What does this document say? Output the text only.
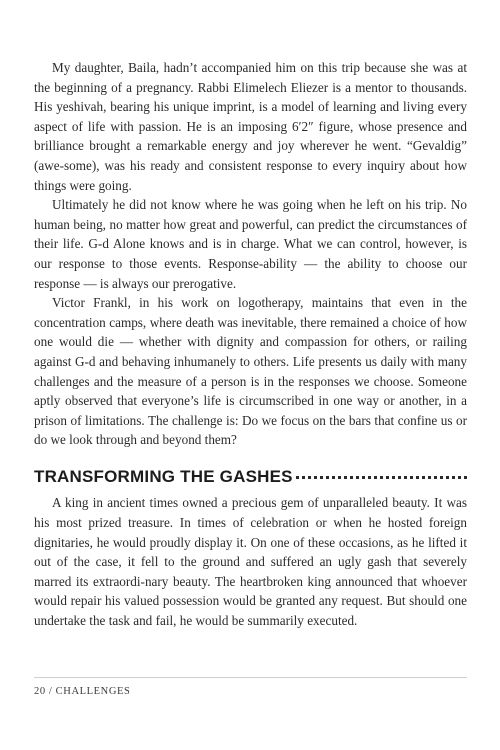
My daughter, Baila, hadn’t accompanied him on this trip because she was at the beginning of a pregnancy. Rabbi Elimelech Eliezer is a mentor to thousands. His yeshivah, bearing his unique imprint, is a model of learning and living every aspect of life with passion. He is an imposing 6′2″ figure, whose presence and brilliance brought a remarkable energy and joy wherever he went. “Gevaldig” (awe-some), was his ready and consistent response to every inquiry about how things were going.

Ultimately he did not know where he was going when he left on his trip. No human being, no matter how great and powerful, can predict the circumstances of their life. G-d Alone knows and is in charge. What we can control, however, is our response to those events. Response-ability — the ability to choose our response — is always our prerogative.

Victor Frankl, in his work on logotherapy, maintains that even in the concentration camps, where death was inevitable, there remained a choice of how one would die — whether with dignity and compassion for others, or railing against G-d and behaving inhumanely to others. Life presents us daily with many challenges and the measure of a person is in the responses we choose. Someone aptly observed that everyone’s life is circumscribed in one way or another, in a prison of limitations. The challenge is: Do we focus on the bars that confine us or do we look through and beyond them?

TRANSFORMING THE GASHES

A king in ancient times owned a precious gem of unparalleled beauty. It was his most prized treasure. In times of celebration or when he hosted foreign dignitaries, he would proudly display it. On one of these occasions, as he lifted it out of the case, it fell to the ground and suffered an ugly gash that severely marred its extraordi-nary beauty. The heartbroken king announced that whoever would repair his valued possession would be granted any request. But should one undertake the task and fail, he would be summarily executed.

20 / CHALLENGES
